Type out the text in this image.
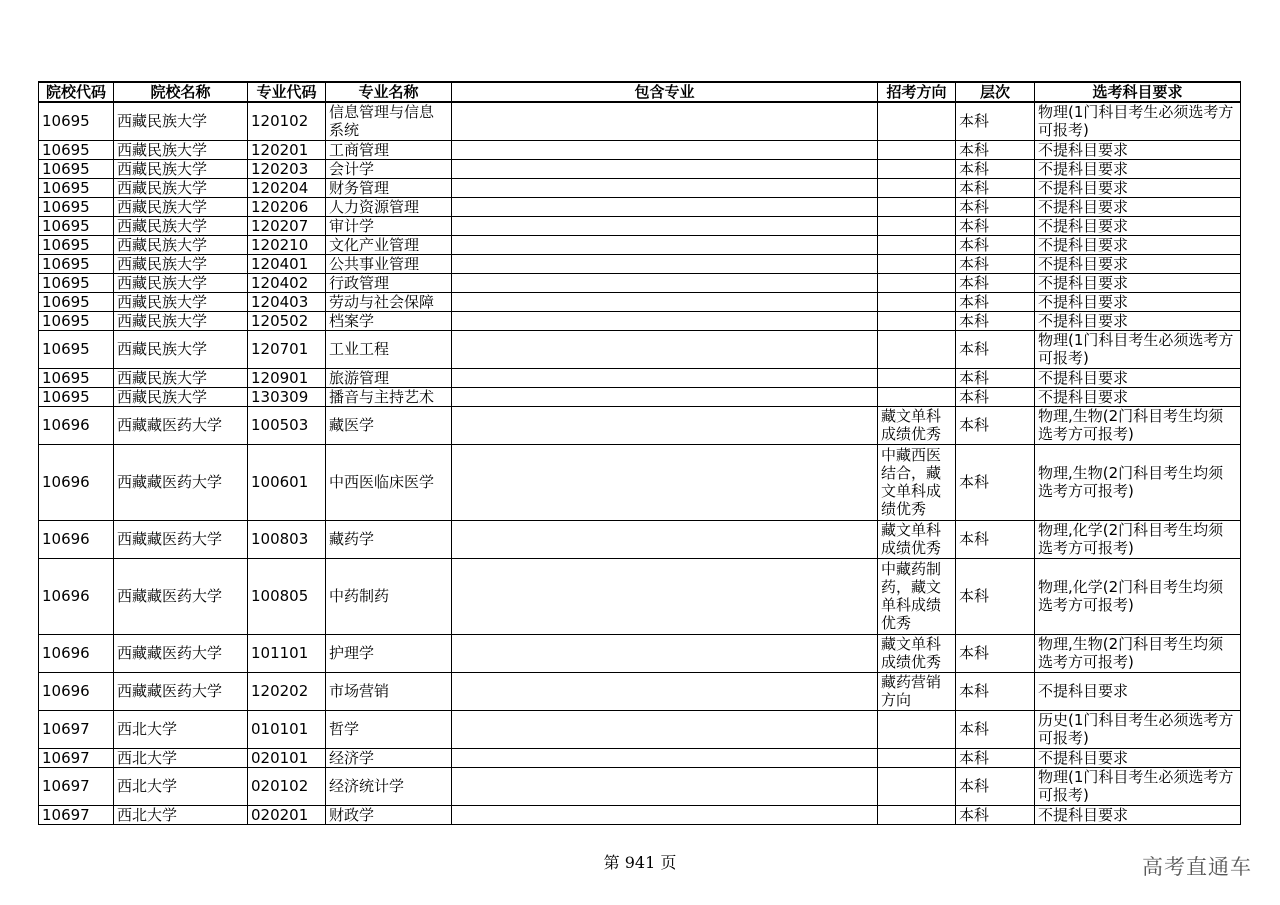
院校代码	院校名称	专业代码	专业名称	包含专业	招考方向	层次	选考科目要求
10695	西藏民族大学	120102	信息管理与信息系统			本科	物理(1门科目考生必须选考方可报考)
10695	西藏民族大学	120201	工商管理			本科	不提科目要求
10695	西藏民族大学	120203	会计学			本科	不提科目要求
10695	西藏民族大学	120204	财务管理			本科	不提科目要求
10695	西藏民族大学	120206	人力资源管理			本科	不提科目要求
10695	西藏民族大学	120207	审计学			本科	不提科目要求
10695	西藏民族大学	120210	文化产业管理			本科	不提科目要求
10695	西藏民族大学	120401	公共事业管理			本科	不提科目要求
10695	西藏民族大学	120402	行政管理			本科	不提科目要求
10695	西藏民族大学	120403	劳动与社会保障			本科	不提科目要求
10695	西藏民族大学	120502	档案学			本科	不提科目要求
10695	西藏民族大学	120701	工业工程			本科	物理(1门科目考生必须选考方可报考)
10695	西藏民族大学	120901	旅游管理			本科	不提科目要求
10695	西藏民族大学	130309	播音与主持艺术			本科	不提科目要求
10696	西藏藏医药大学	100503	藏医学		藏文单科成绩优秀	本科	物理,生物(2门科目考生均须选考方可报考)
10696	西藏藏医药大学	100601	中西医临床医学		中藏西医结合，藏文单科成绩优秀	本科	物理,生物(2门科目考生均须选考方可报考)
10696	西藏藏医药大学	100803	藏药学		藏文单科成绩优秀	本科	物理,化学(2门科目考生均须选考方可报考)
10696	西藏藏医药大学	100805	中药制药		中藏药制药，藏文单科成绩优秀	本科	物理,化学(2门科目考生均须选考方可报考)
10696	西藏藏医药大学	101101	护理学		藏文单科成绩优秀	本科	物理,生物(2门科目考生均须选考方可报考)
10696	西藏藏医药大学	120202	市场营销		藏药营销方向	本科	不提科目要求
10697	西北大学	010101	哲学			本科	历史(1门科目考生必须选考方可报考)
10697	西北大学	020101	经济学			本科	不提科目要求
10697	西北大学	020102	经济统计学			本科	物理(1门科目考生必须选考方可报考)
10697	西北大学	020201	财政学			本科	不提科目要求
第 941 页	高考直通车
